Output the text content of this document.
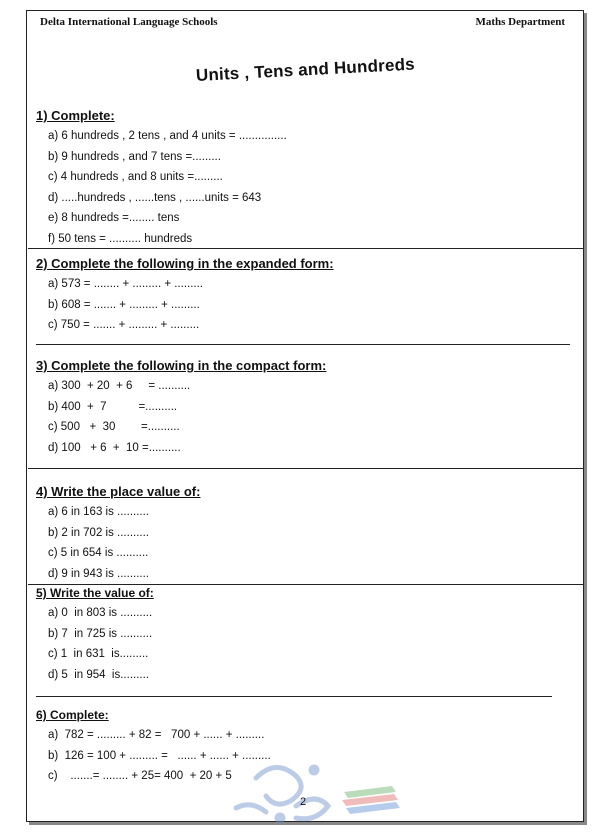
Delta International Language Schools	Maths Department
Units , Tens and Hundreds
1) Complete:
a) 6 hundreds , 2 tens , and 4 units = ...............
b) 9 hundreds , and 7 tens =.........
c) 4 hundreds , and 8 units =.........
d) .....hundreds , ......tens , ......units = 643
e) 8 hundreds =........ tens
f) 50 tens = .......... hundreds
2) Complete the following in the expanded form:
a) 573 = ........ + ......... + .........
b) 608 = ....... + ......... + .........
c) 750 = ....... + ......... + .........
3) Complete the following in the compact form:
a) 300  + 20  + 6     = ..........
b) 400  +  7          =..........
c) 500   +  30        =..........
d) 100   + 6  +  10 =..........
4) Write the place value of:
a) 6 in 163 is ..........
b) 2 in 702 is ..........
c) 5 in 654 is ..........
d) 9 in 943 is ..........
5) Write the value of:
a) 0  in 803 is ..........
b) 7  in 725 is ..........
c) 1  in 631  is.........
d) 5  in 954  is.........
6) Complete:
a)  782 = ......... + 82 =   700 + ...... + .........
b)  126 = 100 + ......... =   ...... + ...... + .........
c)    .......= ........ + 25= 400  + 20 + 5
2
